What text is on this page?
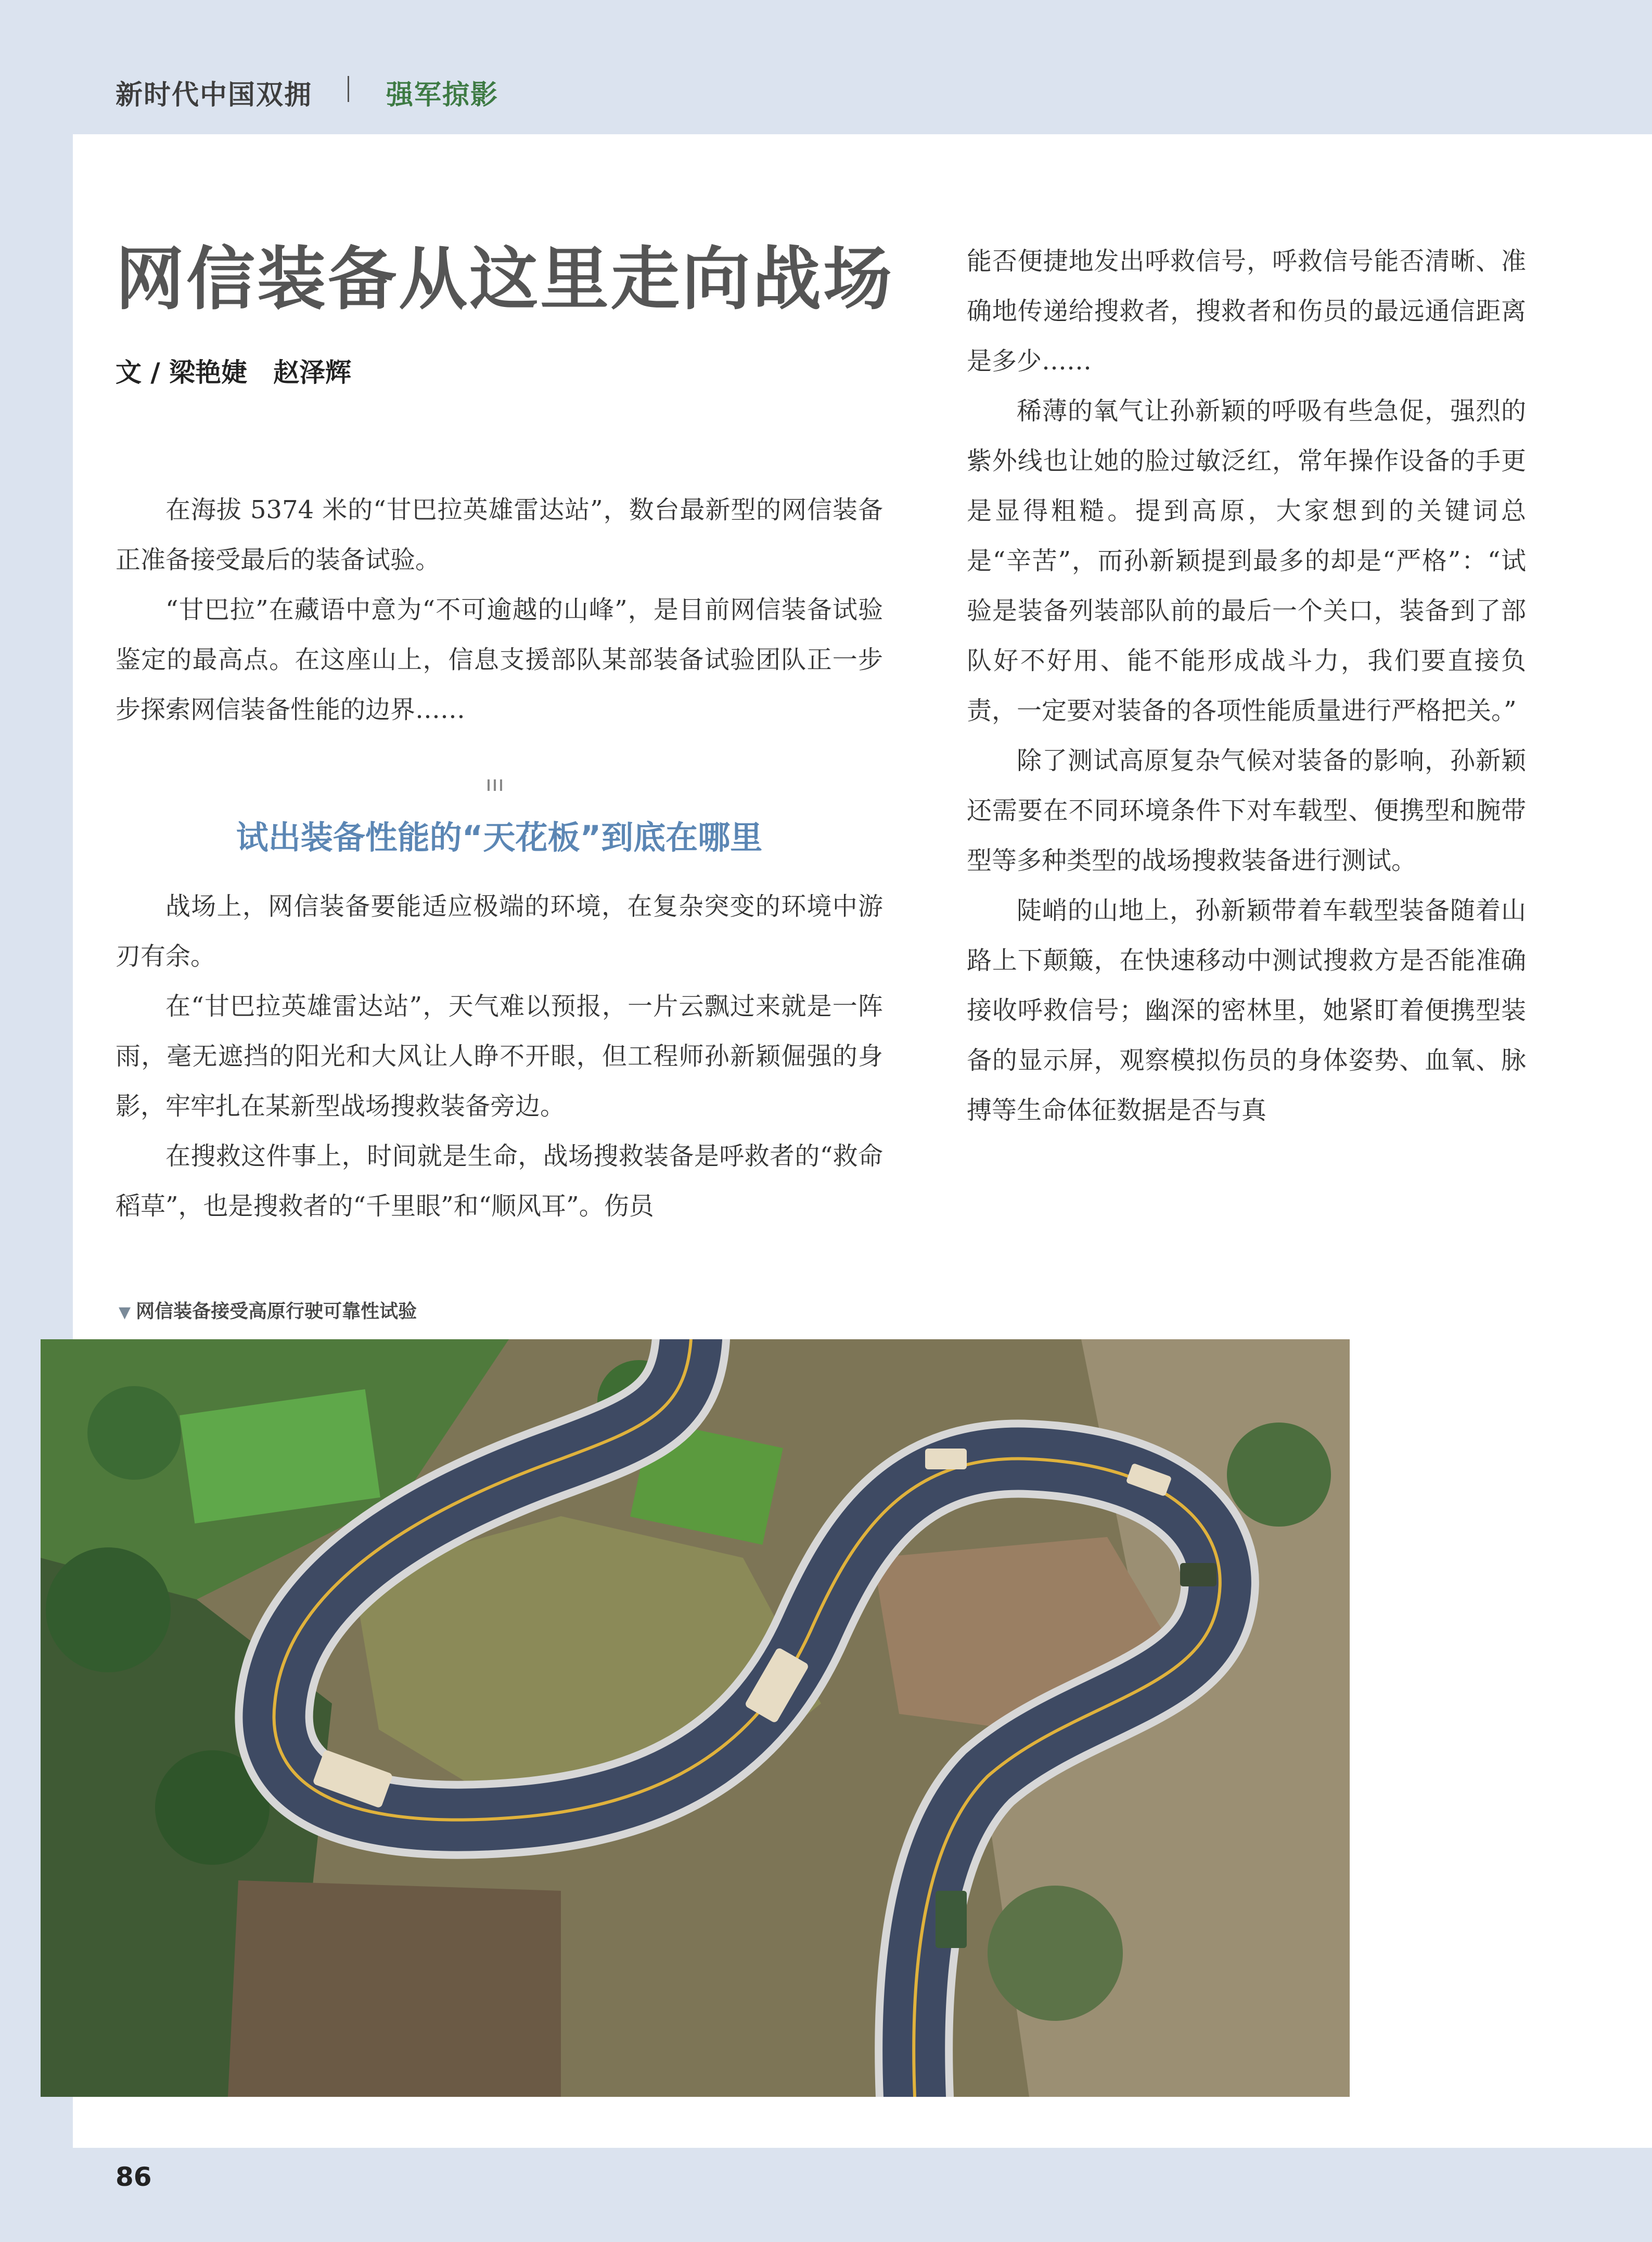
新时代中国双拥	强军掠影
网信装备从这里走向战场
文 / 梁艳婕　赵泽辉

在海拔 5374 米的“甘巴拉英雄雷达站”，数台最新型的网信装备正准备接受最后的装备试验。

“甘巴拉”在藏语中意为“不可逾越的山峰”，是目前网信装备试验鉴定的最高点。在这座山上，信息支援部队某部装备试验团队正一步步探索网信装备性能的边界……

试出装备性能的“天花板”到底在哪里

战场上，网信装备要能适应极端的环境，在复杂突变的环境中游刃有余。

在“甘巴拉英雄雷达站”，天气难以预报，一片云飘过来就是一阵雨，毫无遮挡的阳光和大风让人睁不开眼，但工程师孙新颖倔强的身影，牢牢扎在某新型战场搜救装备旁边。

在搜救这件事上，时间就是生命，战场搜救装备是呼救者的“救命稻草”，也是搜救者的“千里眼”和“顺风耳”。伤员

能否便捷地发出呼救信号，呼救信号能否清晰、准确地传递给搜救者，搜救者和伤员的最远通信距离是多少……

稀薄的氧气让孙新颖的呼吸有些急促，强烈的紫外线也让她的脸过敏泛红，常年操作设备的手更是显得粗糙。提到高原，大家想到的关键词总是“辛苦”，而孙新颖提到最多的却是“严格”：“试验是装备列装部队前的最后一个关口，装备到了部队好不好用、能不能形成战斗力，我们要直接负责，一定要对装备的各项性能质量进行严格把关。”

除了测试高原复杂气候对装备的影响，孙新颖还需要在不同环境条件下对车载型、便携型和腕带型等多种类型的战场搜救装备进行测试。

陡峭的山地上，孙新颖带着车载型装备随着山路上下颠簸，在快速移动中测试搜救方是否能准确接收呼救信号；幽深的密林里，她紧盯着便携型装备的显示屏，观察模拟伤员的身体姿势、血氧、脉搏等生命体征数据是否与真

▼ 网信装备接受高原行驶可靠性试验
86
